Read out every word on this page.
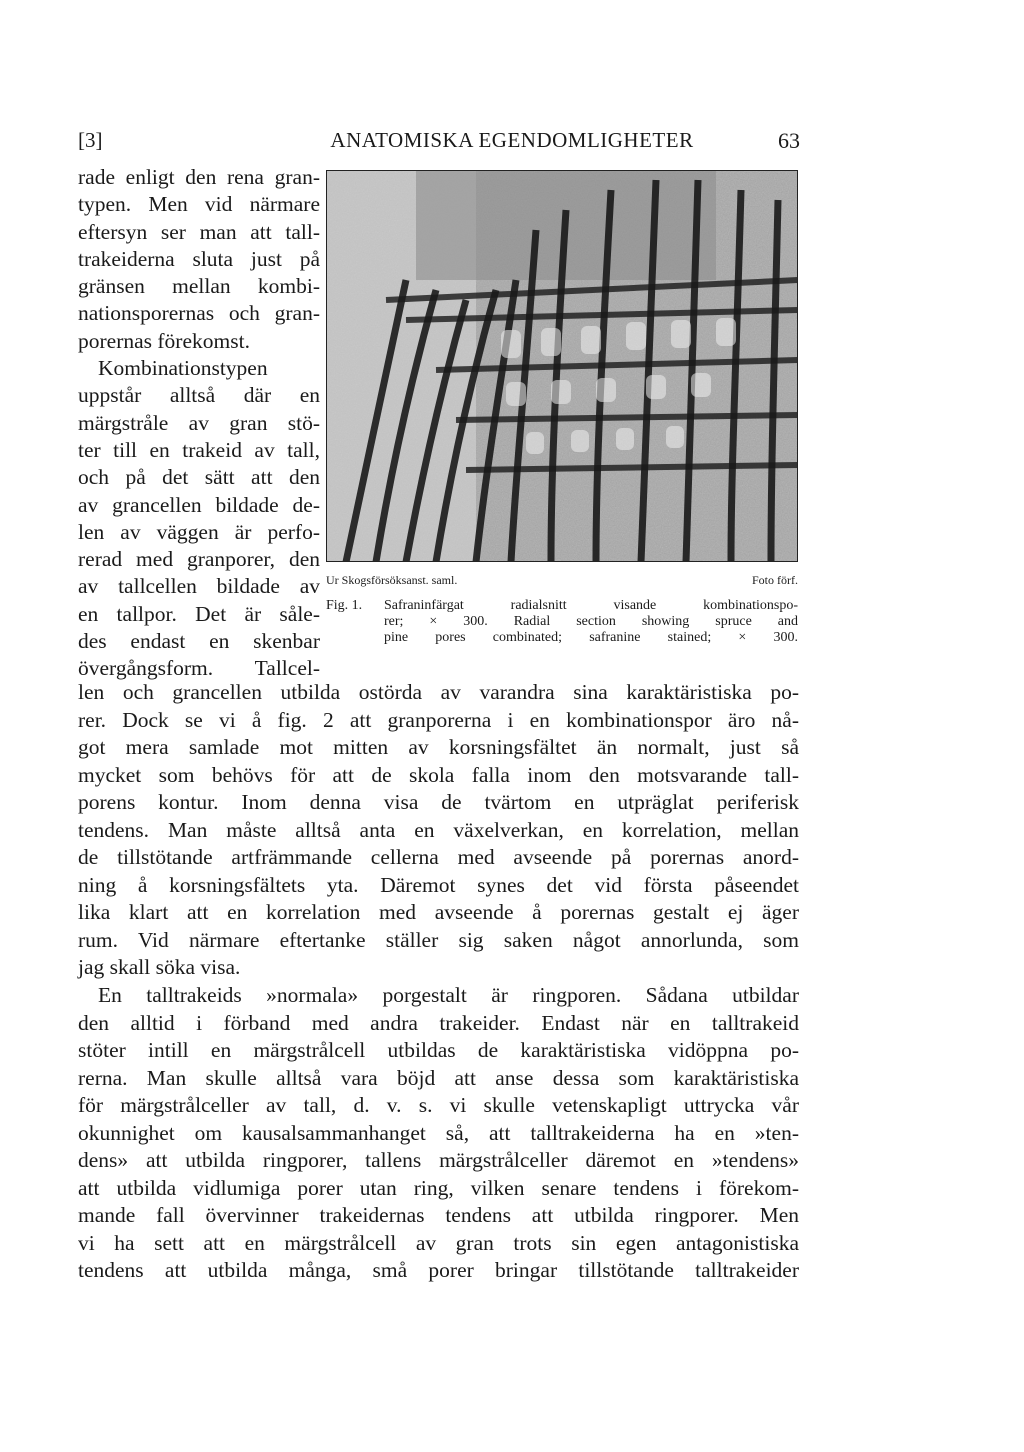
[3]	ANATOMISKA EGENDOMLIGHETER	63
rade enligt den rena gran-
typen. Men vid närmare
eftersyn ser man att tall-
trakeiderna sluta just på
gränsen mellan kombi-
nationsporernas och gran-
porernas förekomst.
Kombinationstypen
uppstår alltså där en
märgstråle av gran stö-
ter till en trakeid av tall,
och på det sätt att den
av grancellen bildade de-
len av väggen är perfo-
rerad med granporer, den
av tallcellen bildade av
en tallpor. Det är såle-
des endast en skenbar
övergångsform. Tallcel-
Ur Skogsförsöksanst. saml.	Foto förf.
Fig. 1.	Safraninfärgat radialsnitt visande kombinationspo-
rer; × 300. Radial section showing spruce and
pine pores combinated; safranine stained; × 300.
len och grancellen utbilda ostörda av varandra sina karaktäristiska po-
rer. Dock se vi å fig. 2 att granporerna i en kombinationspor äro nå-
got mera samlade mot mitten av korsningsfältet än normalt, just så
mycket som behövs för att de skola falla inom den motsvarande tall-
porens kontur. Inom denna visa de tvärtom en utpräglat periferisk
tendens. Man måste alltså anta en växelverkan, en korrelation, mellan
de tillstötande artfrämmande cellerna med avseende på porernas anord-
ning å korsningsfältets yta. Däremot synes det vid första påseendet
lika klart att en korrelation med avseende å porernas gestalt ej äger
rum. Vid närmare eftertanke ställer sig saken något annorlunda, som
jag skall söka visa.
En talltrakeids »normala» porgestalt är ringporen. Sådana utbildar
den alltid i förband med andra trakeider. Endast när en talltrakeid
stöter intill en märgstrålcell utbildas de karaktäristiska vidöppna po-
rerna. Man skulle alltså vara böjd att anse dessa som karaktäristiska
för märgstrålceller av tall, d. v. s. vi skulle vetenskapligt uttrycka vår
okunnighet om kausalsammanhanget så, att talltrakeiderna ha en »ten-
dens» att utbilda ringporer, tallens märgstrålceller däremot en »tendens»
att utbilda vidlumiga porer utan ring, vilken senare tendens i förekom-
mande fall övervinner trakeidernas tendens att utbilda ringporer. Men
vi ha sett att en märgstrålcell av gran trots sin egen antagonistiska
tendens att utbilda många, små porer bringar tillstötande talltrakeider
